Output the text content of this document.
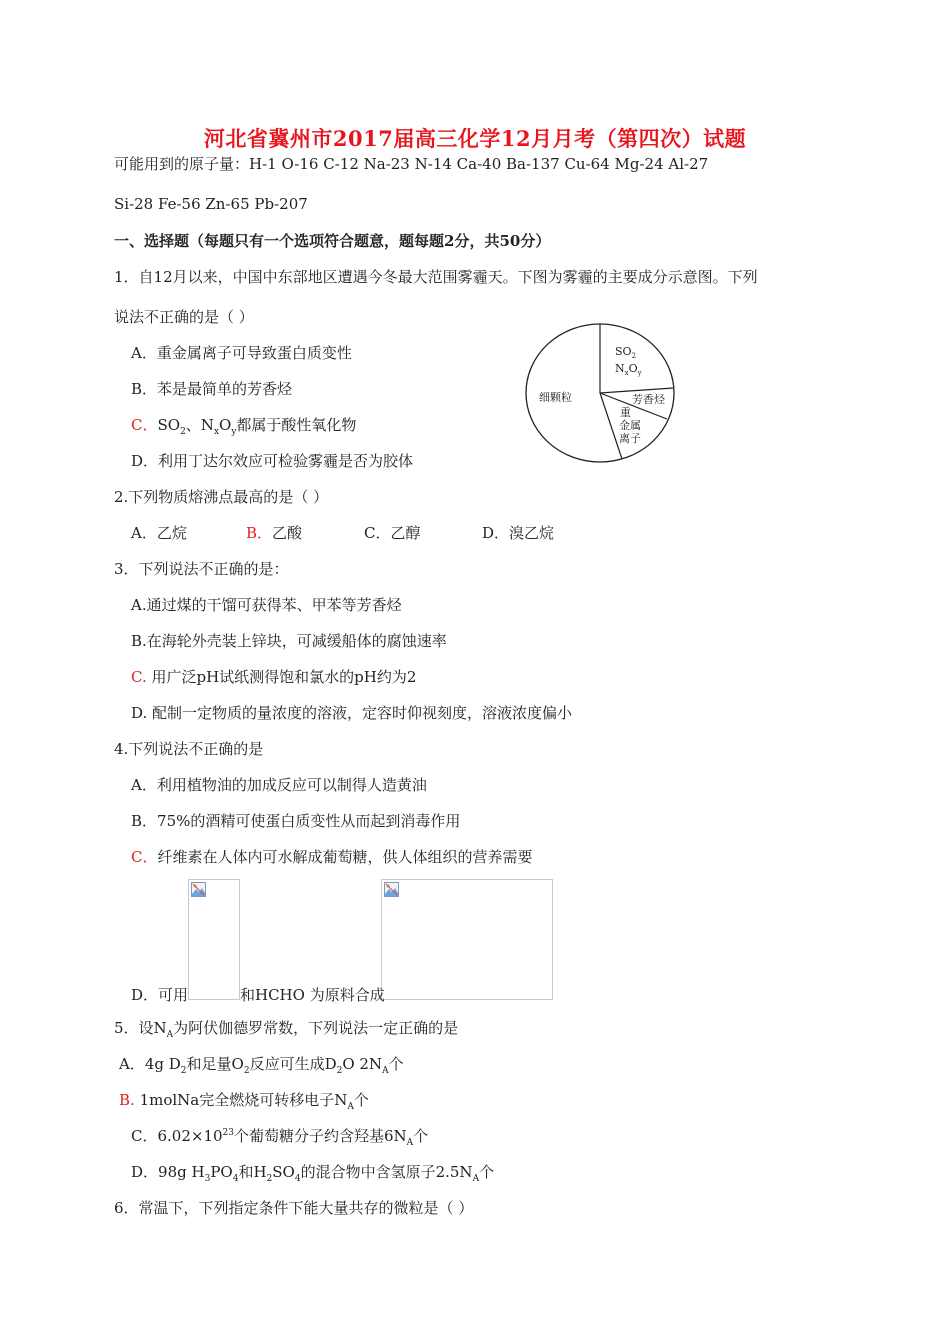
河北省冀州市2017届高三化学12月月考（第四次）试题
可能用到的原子量：H-1 O-16 C-12 Na-23 N-14 Ca-40 Ba-137 Cu-64 Mg-24 Al-27
Si-28 Fe-56 Zn-65 Pb-207
一、选择题（每题只有一个选项符合题意，题每题2分，共50分）
1．自12月以来，中国中东部地区遭遇今冬最大范围雾霾天。下图为雾霾的主要成分示意图。下列
说法不正确的是（ ）
A．重金属离子可导致蛋白质变性
B．苯是最简单的芳香烃
C．$SO_2$、$N_xO_y$都属于酸性氧化物
D．利用丁达尔效应可检验雾霾是否为胶体
细颗粒
$SO_2$
$N_xO_y$
芳香烃
重
金属
离子
2.下列物质熔沸点最高的是（ ）
A．乙烷	B．乙酸	C．乙醇	D．溴乙烷
3．下列说法不正确的是：
A.通过煤的干馏可获得苯、甲苯等芳香烃
B.在海轮外壳装上锌块，可减缓船体的腐蚀速率
C. 用广泛pH试纸测得饱和氯水的pH约为2
D. 配制一定物质的量浓度的溶液，定容时仰视刻度，溶液浓度偏小
4.下列说法不正确的是
A．利用植物油的加成反应可以制得人造黄油
B．75%的酒精可使蛋白质变性从而起到消毒作用
C．纤维素在人体内可水解成葡萄糖，供人体组织的营养需要
D．可用	和HCHO 为原料合成
5．设$N_A$为阿伏伽德罗常数，下列说法一定正确的是
A．4g $D_2$和足量$O_2$反应可生成$D_2O$ $2N_A$个
B. 1molNa完全燃烧可转移电子$N_A$个
C．$6.02\times 10^{23}$个葡萄糖分子约含羟基$6N_A$个
D．98g $H_3PO_4$和$H_2SO_4$的混合物中含氢原子$2.5N_A$个
6．常温下，下列指定条件下能大量共存的微粒是（ ）
